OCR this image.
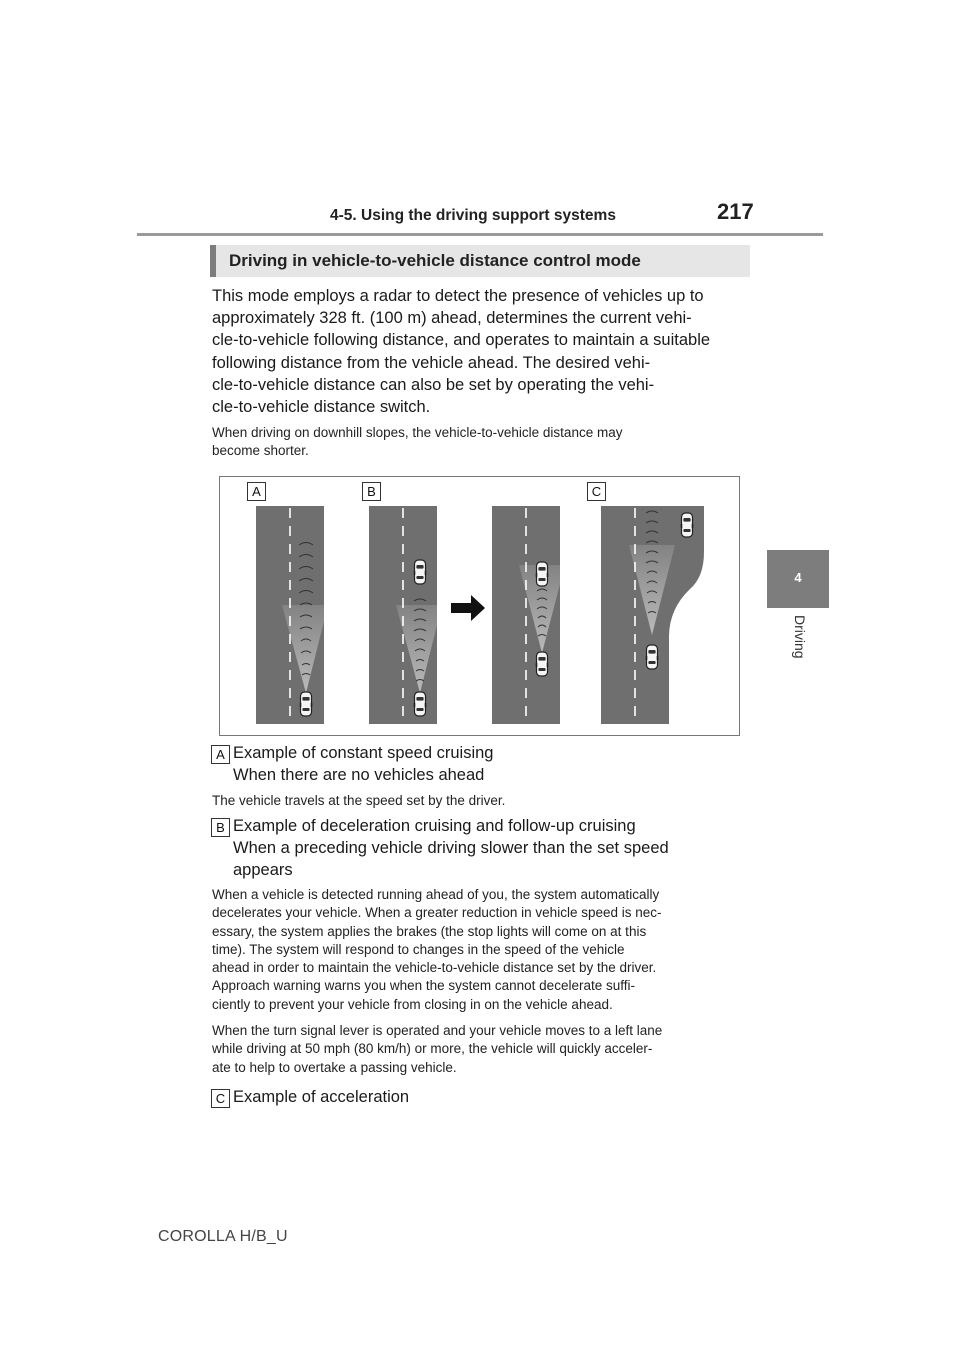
4-5. Using the driving support systems	217
4
Driving
Driving in vehicle-to-vehicle distance control mode
This mode employs a radar to detect the presence of vehicles up to
approximately 328 ft. (100 m) ahead, determines the current vehi-
cle-to-vehicle following distance, and operates to maintain a suitable
following distance from the vehicle ahead. The desired vehi-
cle-to-vehicle distance can also be set by operating the vehi-
cle-to-vehicle distance switch.
When driving on downhill slopes, the vehicle-to-vehicle distance may
become shorter.
A	B	C
A Example of constant speed cruising
When there are no vehicles ahead
The vehicle travels at the speed set by the driver.
B Example of deceleration cruising and follow-up cruising
When a preceding vehicle driving slower than the set speed
appears
When a vehicle is detected running ahead of you, the system automatically
decelerates your vehicle. When a greater reduction in vehicle speed is nec-
essary, the system applies the brakes (the stop lights will come on at this
time). The system will respond to changes in the speed of the vehicle
ahead in order to maintain the vehicle-to-vehicle distance set by the driver.
Approach warning warns you when the system cannot decelerate suffi-
ciently to prevent your vehicle from closing in on the vehicle ahead.
When the turn signal lever is operated and your vehicle moves to a left lane
while driving at 50 mph (80 km/h) or more, the vehicle will quickly acceler-
ate to help to overtake a passing vehicle.
C Example of acceleration
COROLLA H/B_U
